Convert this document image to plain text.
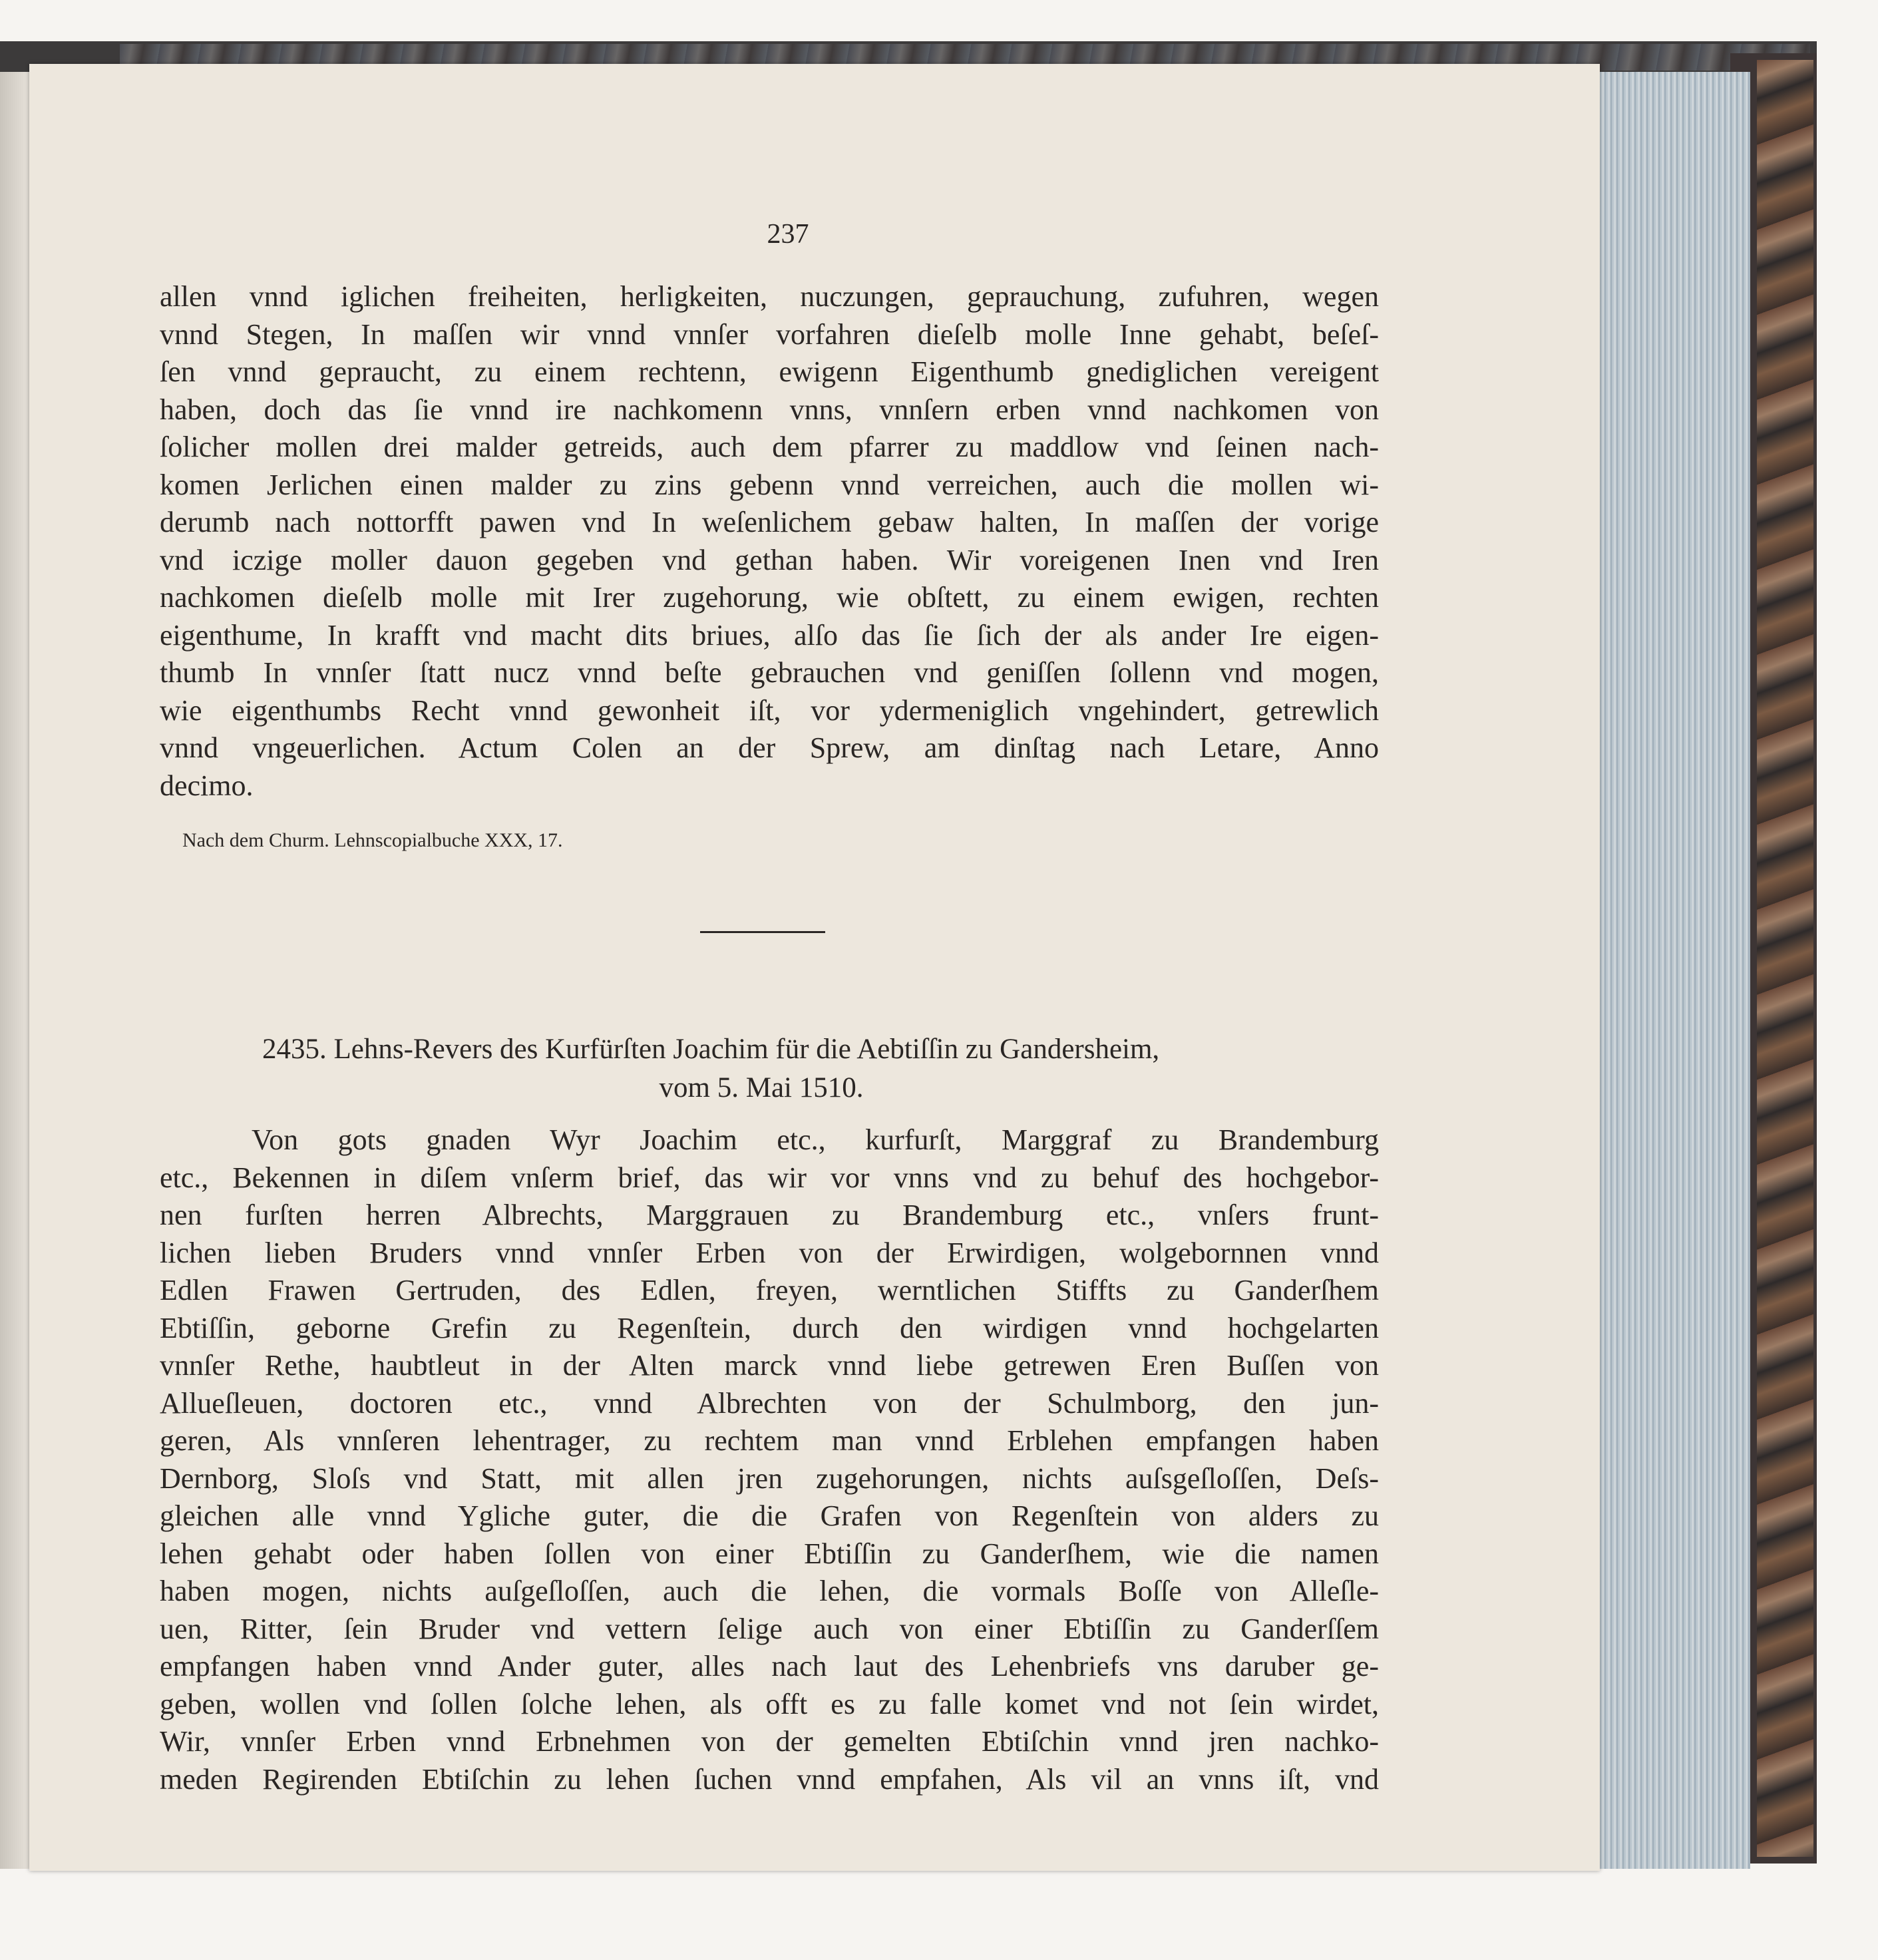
237
allen vnnd iglichen freiheiten, herligkeiten, nuczungen, geprauchung, zufuhren, wegen
vnnd Stegen, In maſſen wir vnnd vnnſer vorfahren dieſelb molle Inne gehabt, beſeſ-
ſen vnnd gepraucht, zu einem rechtenn, ewigenn Eigenthumb gnediglichen vereigent
haben, doch das ſie vnnd ire nachkomenn vnns, vnnſern erben vnnd nachkomen von
ſolicher mollen drei malder getreids, auch dem pfarrer zu maddlow vnd ſeinen nach-
komen Jerlichen einen malder zu zins gebenn vnnd verreichen, auch die mollen wi-
derumb nach nottorfft pawen vnd In weſenlichem gebaw halten, In maſſen der vorige
vnd iczige moller dauon gegeben vnd gethan haben. Wir voreigenen Inen vnd Iren
nachkomen dieſelb molle mit Irer zugehorung, wie obſtett, zu einem ewigen, rechten
eigenthume, In krafft vnd macht dits briues, alſo das ſie ſich der als ander Ire eigen-
thumb In vnnſer ſtatt nucz vnnd beſte gebrauchen vnd geniſſen ſollenn vnd mogen,
wie eigenthumbs Recht vnnd gewonheit iſt, vor ydermeniglich vngehindert, getrewlich
vnnd vngeuerlichen. Actum Colen an der Sprew, am dinſtag nach Letare, Anno
decimo.
Nach dem Churm. Lehnscopialbuche XXX, 17.
2435. Lehns-Revers des Kurfürſten Joachim für die Aebtiſſin zu Gandersheim,
vom 5. Mai 1510.
Von gots gnaden Wyr Joachim etc., kurfurſt, Marggraf zu Brandemburg
etc., Bekennen in diſem vnſerm brief, das wir vor vnns vnd zu behuf des hochgebor-
nen furſten herren Albrechts, Marggrauen zu Brandemburg etc., vnſers frunt-
lichen lieben Bruders vnnd vnnſer Erben von der Erwirdigen, wolgebornnen vnnd
Edlen Frawen Gertruden, des Edlen, freyen, werntlichen Stiffts zu Ganderſhem
Ebtiſſin, geborne Grefin zu Regenſtein, durch den wirdigen vnnd hochgelarten
vnnſer Rethe, haubtleut in der Alten marck vnnd liebe getrewen Eren Buſſen von
Allueſleuen, doctoren etc., vnnd Albrechten von der Schulmborg, den jun-
geren, Als vnnſeren lehentrager, zu rechtem man vnnd Erblehen empfangen haben
Dernborg, Sloſs vnd Statt, mit allen jren zugehorungen, nichts auſsgeſloſſen, Deſs-
gleichen alle vnnd Ygliche guter, die die Grafen von Regenſtein von alders zu
lehen gehabt oder haben ſollen von einer Ebtiſſin zu Ganderſhem, wie die namen
haben mogen, nichts auſgeſloſſen, auch die lehen, die vormals Boſſe von Alleſle-
uen, Ritter, ſein Bruder vnd vettern ſelige auch von einer Ebtiſſin zu Ganderſſem
empfangen haben vnnd Ander guter, alles nach laut des Lehenbriefs vns daruber ge-
geben, wollen vnd ſollen ſolche lehen, als offt es zu falle komet vnd not ſein wirdet,
Wir, vnnſer Erben vnnd Erbnehmen von der gemelten Ebtiſchin vnnd jren nachko-
meden Regirenden Ebtiſchin zu lehen ſuchen vnnd empfahen, Als vil an vnns iſt, vnd
